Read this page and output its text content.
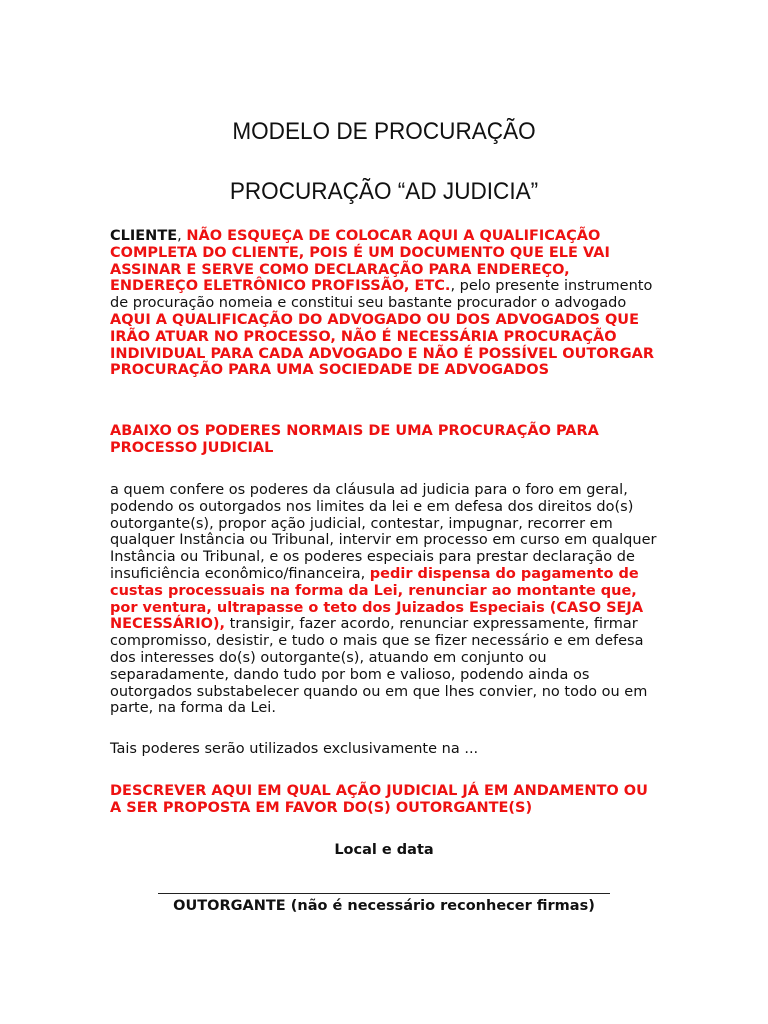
MODELO DE PROCURAÇÃO
PROCURAÇÃO “AD JUDICIA”
CLIENTE, NÃO ESQUEÇA DE COLOCAR AQUI A QUALIFICAÇÃO COMPLETA DO CLIENTE, POIS É UM DOCUMENTO QUE ELE VAI ASSINAR E SERVE COMO DECLARAÇÃO PARA ENDEREÇO, ENDEREÇO ELETRÔNICO PROFISSÃO, ETC., pelo presente instrumento de procuração nomeia e constitui seu bastante procurador o advogado AQUI A QUALIFICAÇÃO DO ADVOGADO OU DOS ADVOGADOS QUE IRÃO ATUAR NO PROCESSO, NÃO É NECESSÁRIA PROCURAÇÃO INDIVIDUAL PARA CADA ADVOGADO E NÃO É POSSÍVEL OUTORGAR PROCURAÇÃO PARA UMA SOCIEDADE DE ADVOGADOS
ABAIXO OS PODERES NORMAIS DE UMA PROCURAÇÃO PARA PROCESSO JUDICIAL
a quem confere os poderes da cláusula ad judicia para o foro em geral, podendo os outorgados nos limites da lei e em defesa dos direitos do(s) outorgante(s), propor ação judicial, contestar, impugnar, recorrer em qualquer Instância ou Tribunal, intervir em processo em curso em qualquer Instância ou Tribunal, e os poderes especiais para prestar declaração de insuficiência econômico/financeira, pedir dispensa do pagamento de custas processuais na forma da Lei, renunciar ao montante que, por ventura, ultrapasse o teto dos Juizados Especiais (CASO SEJA NECESSÁRIO), transigir, fazer acordo, renunciar expressamente, firmar compromisso, desistir, e tudo o mais que se fizer necessário e em defesa dos interesses do(s) outorgante(s), atuando em conjunto ou separadamente, dando tudo por bom e valioso, podendo ainda os outorgados substabelecer quando ou em que lhes convier, no todo ou em parte, na forma da Lei.
Tais poderes serão utilizados exclusivamente na ...
DESCREVER AQUI EM QUAL AÇÃO JUDICIAL JÁ EM ANDAMENTO OU A SER PROPOSTA EM FAVOR DO(S) OUTORGANTE(S)
Local e data
OUTORGANTE (não é necessário reconhecer firmas)
